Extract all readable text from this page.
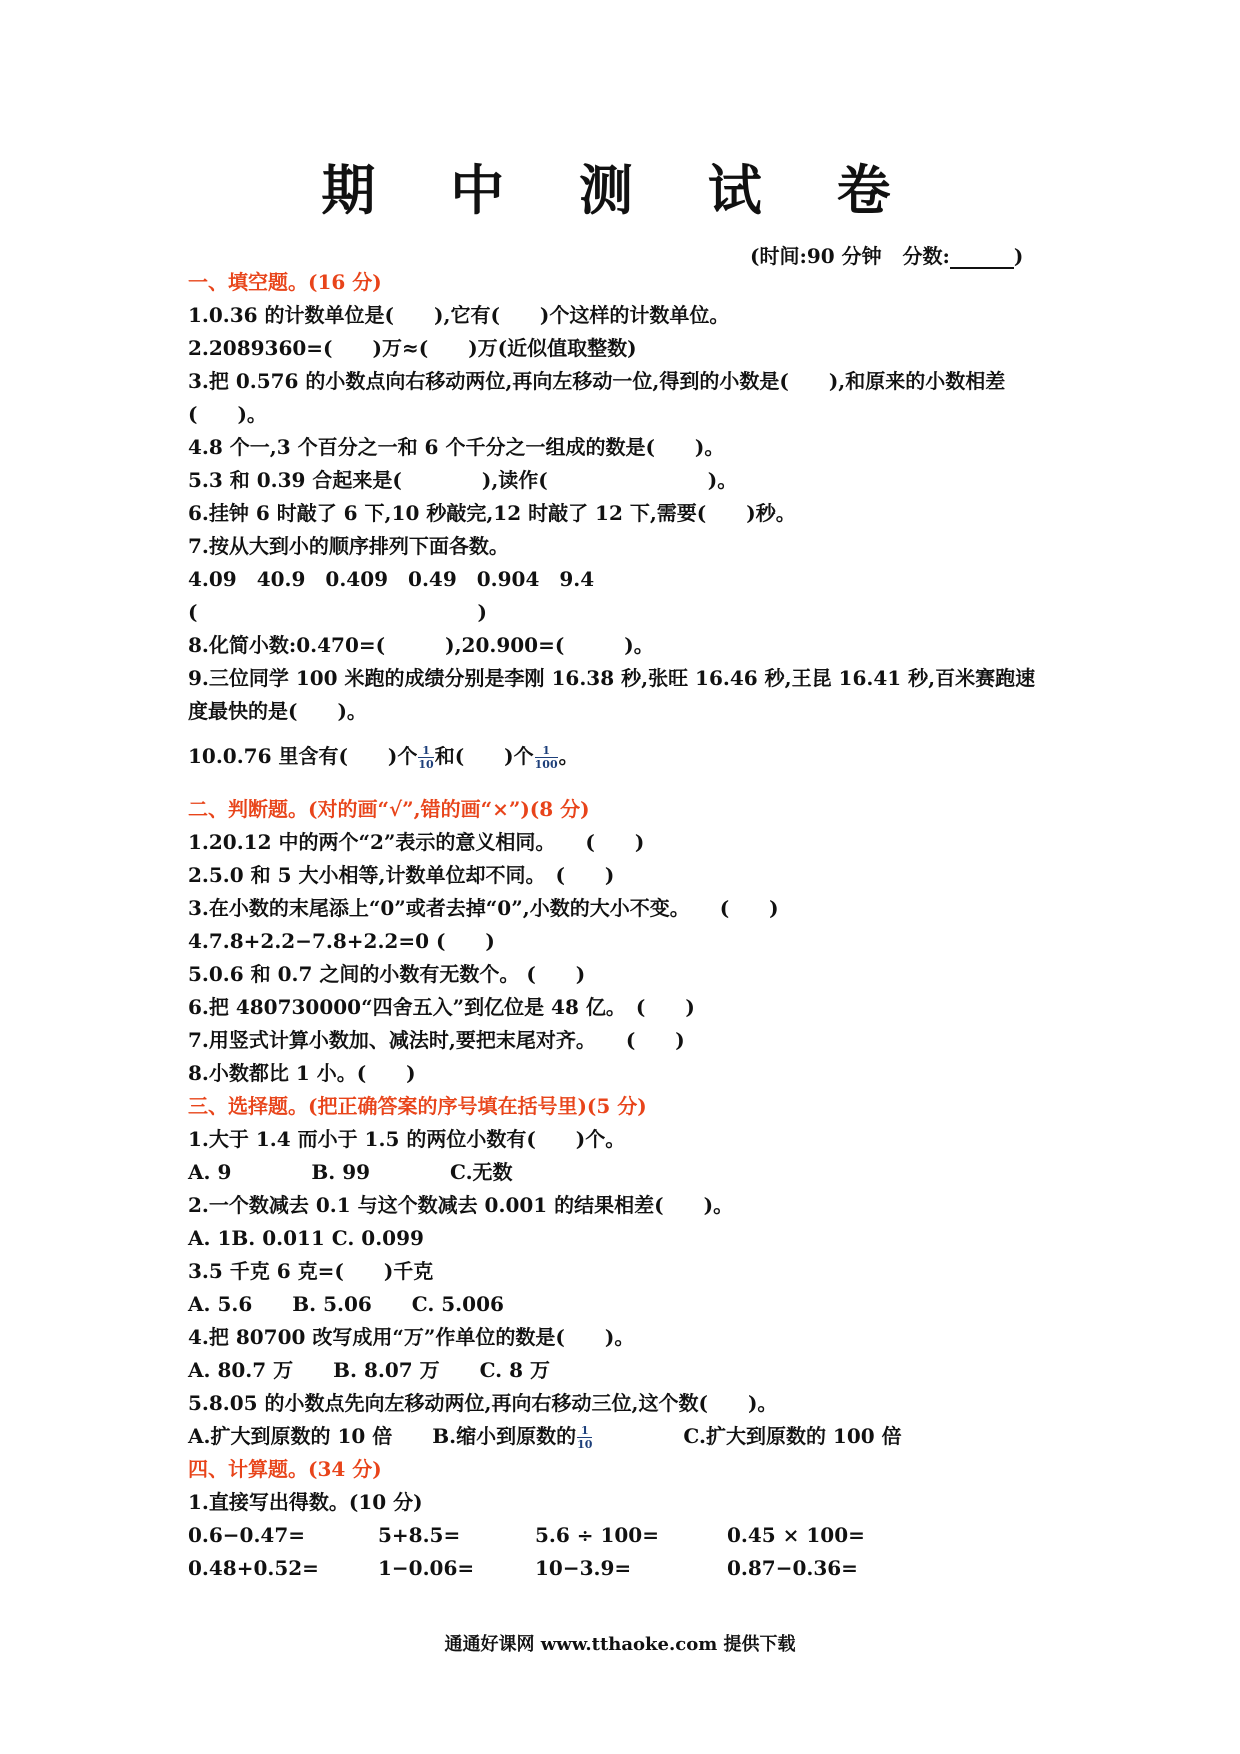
期 中 测 试 卷
(时间:90 分钟 分数:	)
一、填空题。(16 分)
1.0.36 的计数单位是(　　),它有(　　)个这样的计数单位。
2.2089360=(　　)万≈(　　)万(近似值取整数)
3.把 0.576 的小数点向右移动两位,再向左移动一位,得到的小数是(　　),和原来的小数相差
(　　)。
4.8 个一,3 个百分之一和 6 个千分之一组成的数是(　　)。
5.3 和 0.39 合起来是(　　　　),读作(　　　　　　　　)。
6.挂钟 6 时敲了 6 下,10 秒敲完,12 时敲了 12 下,需要(　　)秒。
7.按从大到小的顺序排列下面各数。
4.09　40.9　0.409　0.49　0.904　9.4
(　　　　　　　　　　　　　　)
8.化简小数:0.470=(　　　),20.900=(　　　)。
9.三位同学 100 米跑的成绩分别是李刚 16.38 秒,张旺 16.46 秒,王昆 16.41 秒,百米赛跑速
度最快的是(　　)。
10.0.76 里含有(　　)个 $\frac{1}{10}$ 和(　　)个 $\frac{1}{100}$ 。
二、判断题。(对的画“√”,错的画“×”)(8 分)
1.20.12 中的两个“2”表示的意义相同。　　(　　)
2.5.0 和 5 大小相等,计数单位却不同。　(　　)
3.在小数的末尾添上“0”或者去掉“0”,小数的大小不变。　　(　　)
4.7.8+2.2−7.8+2.2=0 (　　)
5.0.6 和 0.7 之间的小数有无数个。 (　　)
6.把 480730000“四舍五入”到亿位是 48 亿。　(　　)
7.用竖式计算小数加、减法时,要把末尾对齐。　　(　　)
8.小数都比 1 小。(　　)
三、选择题。(把正确答案的序号填在括号里)(5 分)
1.大于 1.4 而小于 1.5 的两位小数有(　　)个。
A. 9　　　　B. 99　　　　C.无数
2.一个数减去 0.1 与这个数减去 0.001 的结果相差(　　)。
A. 1B. 0.011 C. 0.099
3.5 千克 6 克=(　　)千克
A. 5.6　　B. 5.06　　C. 5.006
4.把 80700 改写成用“万”作单位的数是(　　)。
A. 80.7 万　　B. 8.07 万　　C. 8 万
5.8.05 的小数点先向左移动两位,再向右移动三位,这个数(　　)。
A.扩大到原数的 10 倍　　B.缩小到原数的 $\frac{1}{10}$	C.扩大到原数的 100 倍
四、计算题。(34 分)
1.直接写出得数。(10 分)
0.6−0.47=	5+8.5=	5.6 ÷ 100=	0.45 × 100=
0.48+0.52=	1−0.06=	10−3.9=	0.87−0.36=
通通好课网 www.tthaoke.com 提供下载
